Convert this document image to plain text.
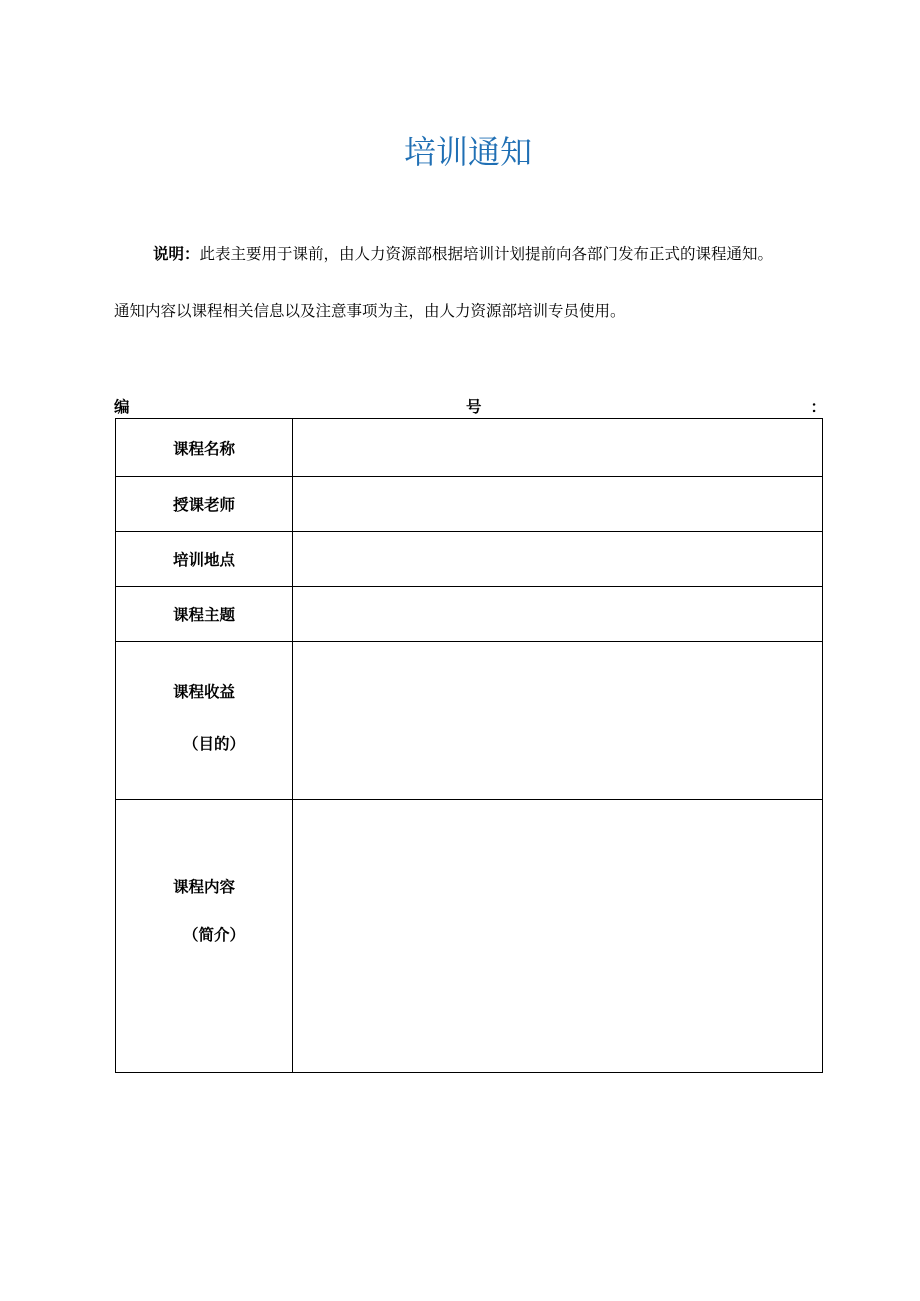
培训通知
说明：此表主要用于课前，由人力资源部根据培训计划提前向各部门发布正式的课程通知。
通知内容以课程相关信息以及注意事项为主，由人力资源部培训专员使用。
编	号	：
课程名称	
授课老师	
培训地点	
课程主题	

课程收益
（目的）	

课程内容
（简介）	
